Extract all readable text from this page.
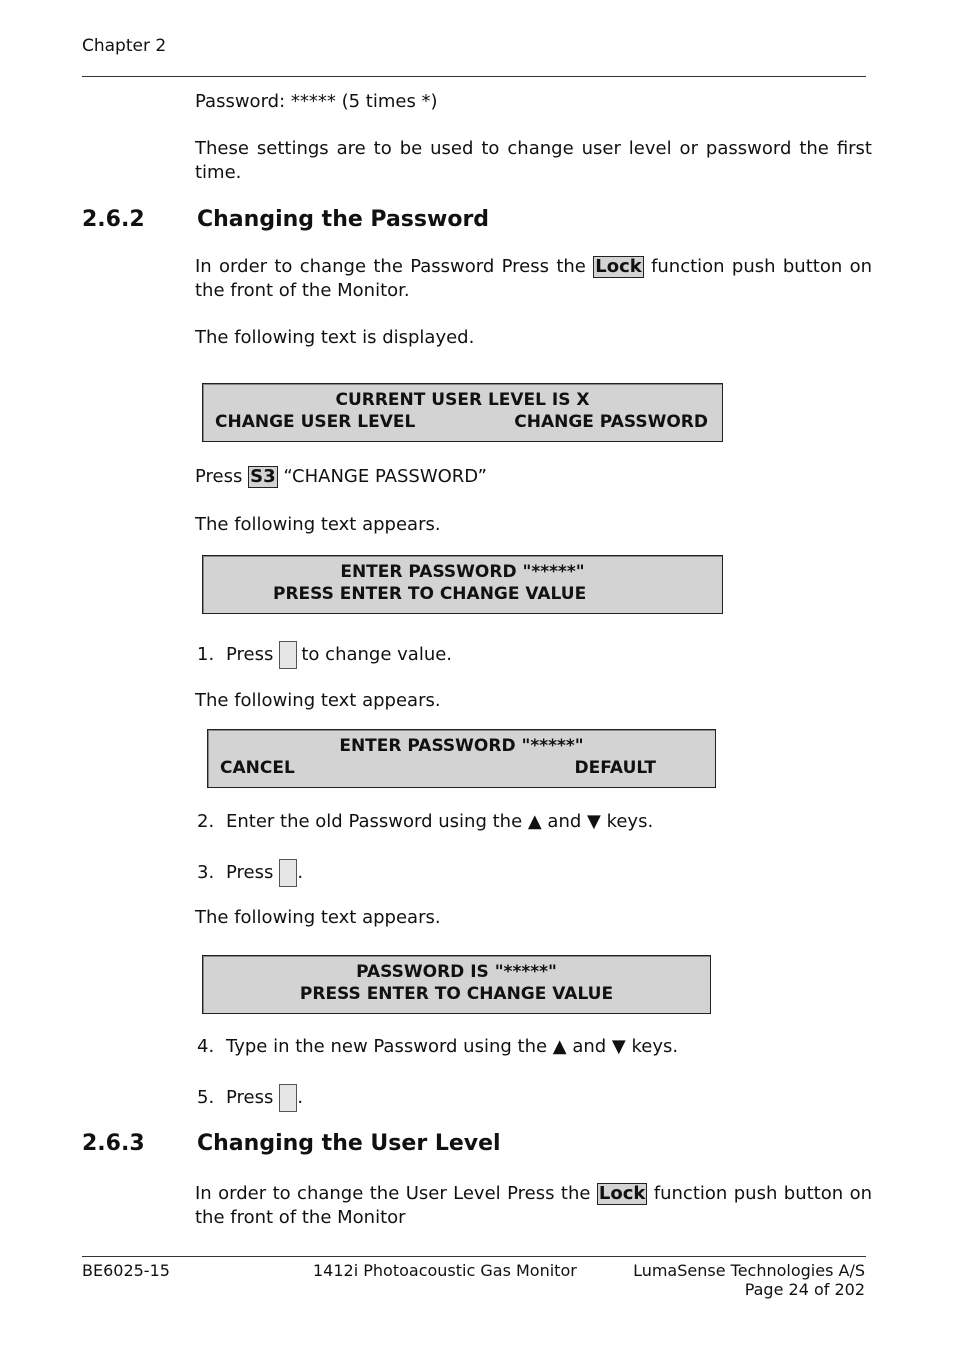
Chapter 2
Password: ***** (5 times *)
These settings are to be used to change user level or password the first time.
2.6.2 Changing the Password
In order to change the Password Press the Lock function push button on the front of the Monitor.
The following text is displayed.
CURRENT USER LEVEL IS X
CHANGE USER LEVEL	CHANGE PASSWORD
Press S3 “CHANGE PASSWORD”
The following text appears.
ENTER PASSWORD "*****"
PRESS ENTER TO CHANGE VALUE
1. Press to change value.
The following text appears.
ENTER PASSWORD "*****"
CANCEL	DEFAULT
2. Enter the old Password using the ▲ and ▼ keys.
3. Press .
The following text appears.
PASSWORD IS "*****"
PRESS ENTER TO CHANGE VALUE
4. Type in the new Password using the ▲ and ▼ keys.
5. Press .
2.6.3 Changing the User Level
In order to change the User Level Press the Lock function push button on the front of the Monitor
BE6025-15	1412i Photoacoustic Gas Monitor	LumaSense Technologies A/S
Page 24 of 202
